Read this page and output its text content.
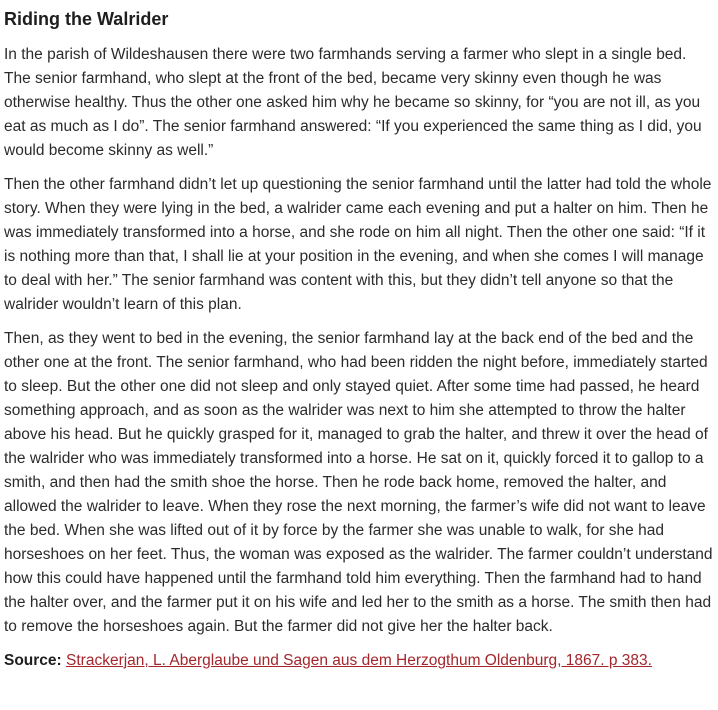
Riding the Walrider

In the parish of Wildeshausen there were two farmhands serving a farmer who slept in a single bed. The senior farmhand, who slept at the front of the bed, became very skinny even though he was otherwise healthy. Thus the other one asked him why he became so skinny, for “you are not ill, as you eat as much as I do”. The senior farmhand answered: “If you experienced the same thing as I did, you would become skinny as well.”

Then the other farmhand didn’t let up questioning the senior farmhand until the latter had told the whole story. When they were lying in the bed, a walrider came each evening and put a halter on him. Then he was immediately transformed into a horse, and she rode on him all night. Then the other one said: “If it is nothing more than that, I shall lie at your position in the evening, and when she comes I will manage to deal with her.” The senior farmhand was content with this, but they didn’t tell anyone so that the walrider wouldn’t learn of this plan.

Then, as they went to bed in the evening, the senior farmhand lay at the back end of the bed and the other one at the front. The senior farmhand, who had been ridden the night before, immediately started to sleep. But the other one did not sleep and only stayed quiet. After some time had passed, he heard something approach, and as soon as the walrider was next to him she attempted to throw the halter above his head. But he quickly grasped for it, managed to grab the halter, and threw it over the head of the walrider who was immediately transformed into a horse. He sat on it, quickly forced it to gallop to a smith, and then had the smith shoe the horse. Then he rode back home, removed the halter, and allowed the walrider to leave. When they rose the next morning, the farmer’s wife did not want to leave the bed. When she was lifted out of it by force by the farmer she was unable to walk, for she had horseshoes on her feet. Thus, the woman was exposed as the walrider. The farmer couldn’t understand how this could have happened until the farmhand told him everything. Then the farmhand had to hand the halter over, and the farmer put it on his wife and led her to the smith as a horse. The smith then had to remove the horseshoes again. But the farmer did not give her the halter back.

Source: Strackerjan, L. Aberglaube und Sagen aus dem Herzogthum Oldenburg, 1867. p 383.
